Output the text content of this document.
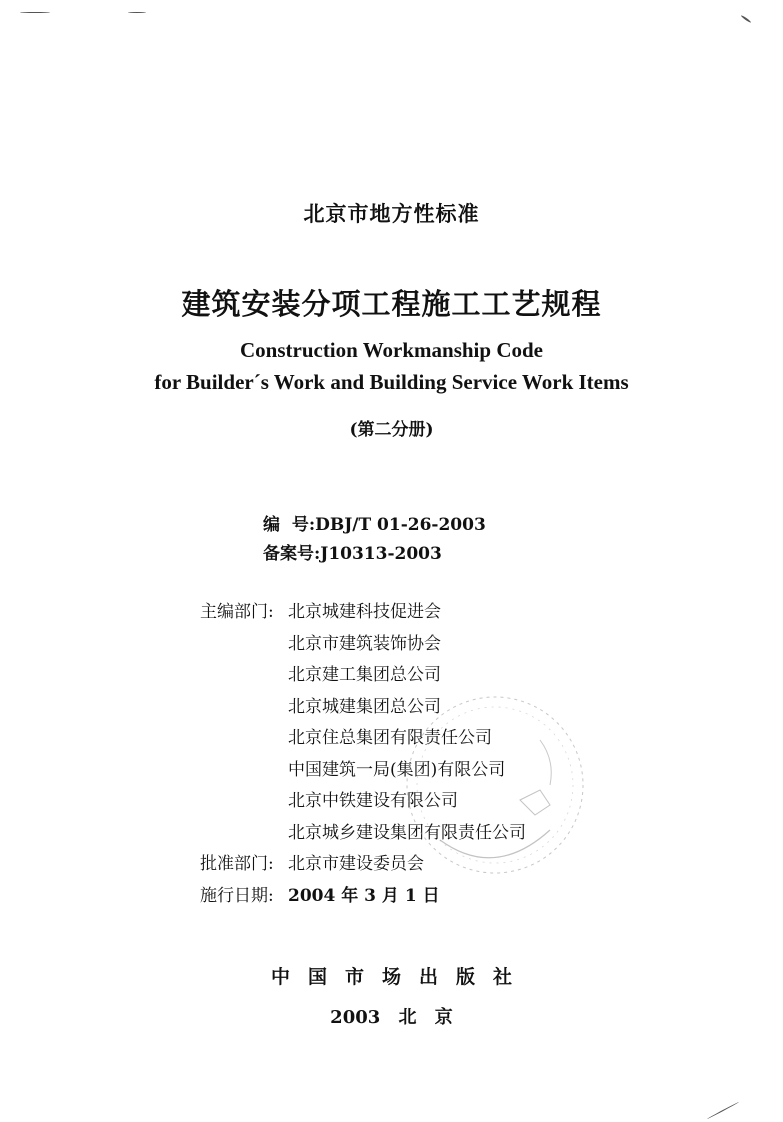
北京市地方性标准
建筑安装分项工程施工工艺规程
Construction Workmanship Code
for Builder´s Work and Building Service Work Items
(第二分册)
编  号:DBJ/T 01-26-2003
备案号:J10313-2003
主编部门: 北京城建科技促进会
北京市建筑装饰协会
北京建工集团总公司
北京城建集团总公司
北京住总集团有限责任公司
中国建筑一局(集团)有限公司
北京中铁建设有限公司
北京城乡建设集团有限责任公司
批准部门: 北京市建设委员会
施行日期: 2004 年 3 月 1 日
中国市场出版社
2003 北 京
